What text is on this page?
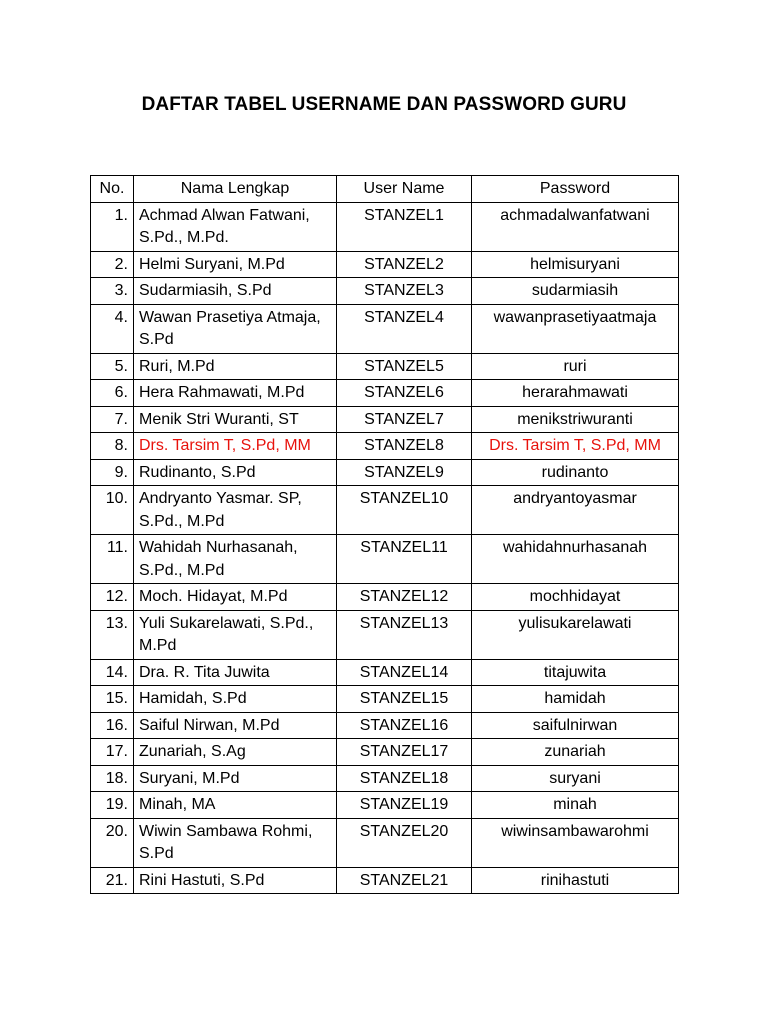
DAFTAR TABEL USERNAME DAN PASSWORD GURU
No.	Nama Lengkap	User Name	Password
1.	Achmad Alwan Fatwani, S.Pd., M.Pd.	STANZEL1	achmadalwanfatwani
2.	Helmi Suryani, M.Pd	STANZEL2	helmisuryani
3.	Sudarmiasih, S.Pd	STANZEL3	sudarmiasih
4.	Wawan Prasetiya Atmaja, S.Pd	STANZEL4	wawanprasetiyaatmaja
5.	Ruri, M.Pd	STANZEL5	ruri
6.	Hera Rahmawati, M.Pd	STANZEL6	herarahmawati
7.	Menik Stri Wuranti, ST	STANZEL7	menikstriwuranti
8.	Drs. Tarsim T, S.Pd, MM	STANZEL8	Drs. Tarsim T, S.Pd, MM
9.	Rudinanto, S.Pd	STANZEL9	rudinanto
10.	Andryanto Yasmar. SP, S.Pd., M.Pd	STANZEL10	andryantoyasmar
11.	Wahidah Nurhasanah, S.Pd., M.Pd	STANZEL11	wahidahnurhasanah
12.	Moch. Hidayat, M.Pd	STANZEL12	mochhidayat
13.	Yuli Sukarelawati, S.Pd., M.Pd	STANZEL13	yulisukarelawati
14.	Dra. R. Tita Juwita	STANZEL14	titajuwita
15.	Hamidah, S.Pd	STANZEL15	hamidah
16.	Saiful Nirwan, M.Pd	STANZEL16	saifulnirwan
17.	Zunariah, S.Ag	STANZEL17	zunariah
18.	Suryani, M.Pd	STANZEL18	suryani
19.	Minah, MA	STANZEL19	minah
20.	Wiwin Sambawa Rohmi, S.Pd	STANZEL20	wiwinsambawarohmi
21.	Rini Hastuti, S.Pd	STANZEL21	rinihastuti
